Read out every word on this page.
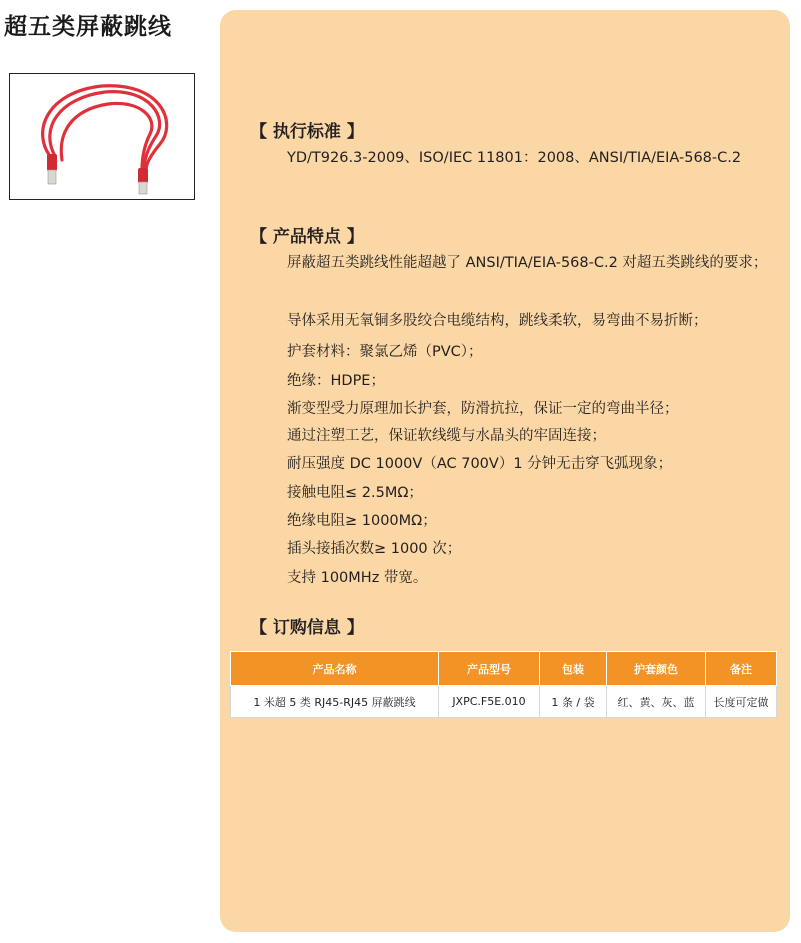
超五类屏蔽跳线
【 执行标准 】
YD/T926.3-2009、ISO/IEC 11801：2008、ANSI/TIA/EIA-568-C.2
【 产品特点 】
屏蔽超五类跳线性能超越了 ANSI/TIA/EIA-568-C.2 对超五类跳线的要求；
导体采用无氧铜多股绞合电缆结构，跳线柔软，易弯曲不易折断；
护套材料：聚氯乙烯（PVC）；
绝缘：HDPE；
渐变型受力原理加长护套，防滑抗拉，保证一定的弯曲半径；
通过注塑工艺，保证软线缆与水晶头的牢固连接；
耐压强度 DC 1000V（AC 700V）1 分钟无击穿飞弧现象；
接触电阻≤ 2.5MΩ；
绝缘电阻≥ 1000MΩ；
插头接插次数≥ 1000 次；
支持 100MHz 带宽。
【 订购信息 】
产品名称	产品型号	包装	护套颜色	备注
1 米超 5 类 RJ45-RJ45 屏蔽跳线	JXPC.F5E.010	1 条 / 袋	红、黄、灰、蓝	长度可定做
